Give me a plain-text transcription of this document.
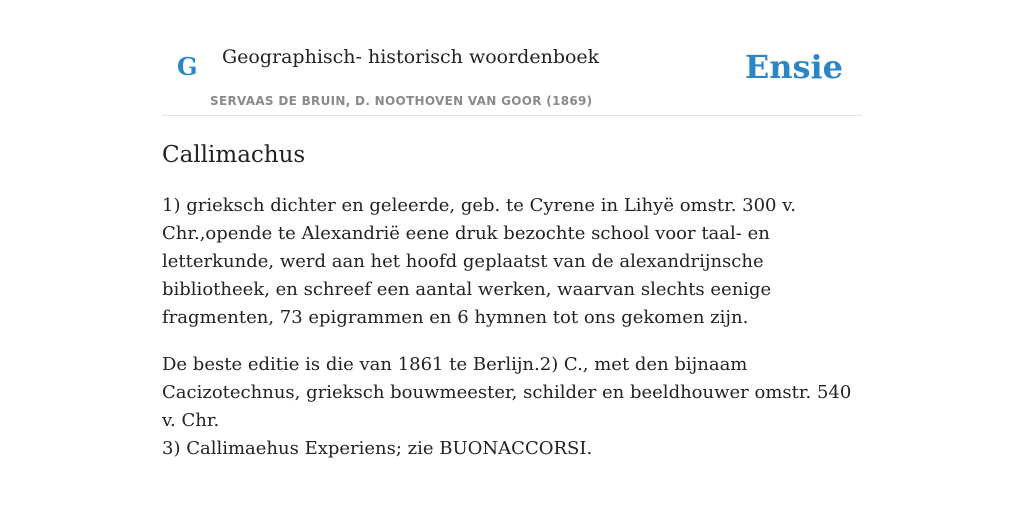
G Geographisch- historisch woordenboek
SERVAAS DE BRUIN, D. NOOTHOVEN VAN GOOR (1869)
Ensie
Callimachus

1) grieksch dichter en geleerde, geb. te Cyrene in Lihyë omstr. 300 v. Chr.,opende te Alexandrië eene druk bezochte school voor taal- en letterkunde, werd aan het hoofd geplaatst van de alexandrijnsche bibliotheek, en schreef een aantal werken, waarvan slechts eenige fragmenten, 73 epigrammen en 6 hymnen tot ons gekomen zijn.

De beste editie is die van 1861 te Berlijn.2) C., met den bijnaam Cacizotechnus, grieksch bouwmeester, schilder en beeldhouwer omstr. 540 v. Chr.
3) Callimaehus Experiens; zie BUONACCORSI.
